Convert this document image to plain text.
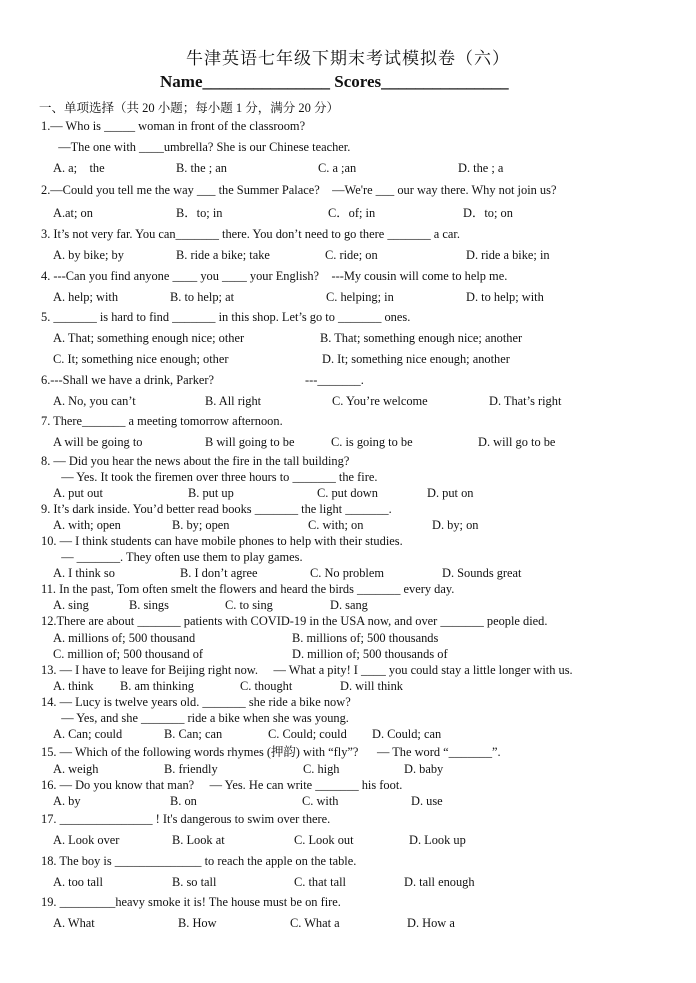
牛津英语七年级下期末考试模拟卷（六）
Name_______________ Scores_______________
一、单项选择（共 20 小题；每小题 1 分，满分 20 分）
1.— Who is _____ woman in front of the classroom?
—The one with ____umbrella? She is our Chinese teacher.
A. a;    the	B. the ; an	C. a ;an	D. the ; a
2.—Could you tell me the way ___ the Summer Palace?    —We're ___ our way there. Why not join us?
A.at; on	B．to; in	C．of; in	D．to; on
3. It’s not very far. You can_______ there. You don’t need to go there _______ a car.
A. by bike; by	B. ride a bike; take	C. ride; on	D. ride a bike; in
4. ---Can you find anyone ____ you ____ your English?    ---My cousin will come to help me.
A. help; with	B. to help; at	C. helping; in	D. to help; with
5. _______ is hard to find _______ in this shop. Let’s go to _______ ones.
A. That; something enough nice; other	B. That; something enough nice; another
C. It; something nice enough; other	D. It; something nice enough; another
6.---Shall we have a drink, Parker?	---_______.
A. No, you can’t	B. All right	C. You’re welcome	D. That’s right
7. There_______ a meeting tomorrow afternoon.
A will be going to	B will going to be	C. is going to be	D. will go to be
8. — Did you hear the news about the fire in the tall building?
— Yes. It took the firemen over three hours to _______ the fire.
A. put out	B. put up	C. put down	D. put on
9. It’s dark inside. You’d better read books _______ the light _______.
A. with; open	B. by; open	C. with; on	D. by; on
10. — I think students can have mobile phones to help with their studies.
— _______. They often use them to play games.
A. I think so	B. I don’t agree	C. No problem	D. Sounds great
11. In the past, Tom often smelt the flowers and heard the birds _______ every day.
A. sing	B. sings	C. to sing	D. sang
12.There are about _______ patients with COVID-19 in the USA now, and over _______ people died.
A. millions of; 500 thousand	B. millions of; 500 thousands
C. million of; 500 thousand of	D. million of; 500 thousands of
13. — I have to leave for Beijing right now.     — What a pity! I ____ you could stay a little longer with us.
A. think B. am thinking	C. thought	D. will think
14. — Lucy is twelve years old. _______ she ride a bike now?
— Yes, and she _______ ride a bike when she was young.
A. Can; could	B. Can; can	C. Could; could D. Could; can
15. — Which of the following words rhymes (押韵) with “fly”?      — The word “_______”.
A. weigh	B. friendly	C. high	D. baby
16. — Do you know that man?     — Yes. He can write _______ his foot.
A. by	B. on	C. with	D. use
17. _______________ ! It's dangerous to swim over there.
A. Look over	B. Look at	C. Look out	D. Look up
18. The boy is ______________ to reach the apple on the table.
A. too tall	B. so tall	C. that tall	D. tall enough
19. _________heavy smoke it is! The house must be on fire.
A. What	B. How	C. What a	D. How a
